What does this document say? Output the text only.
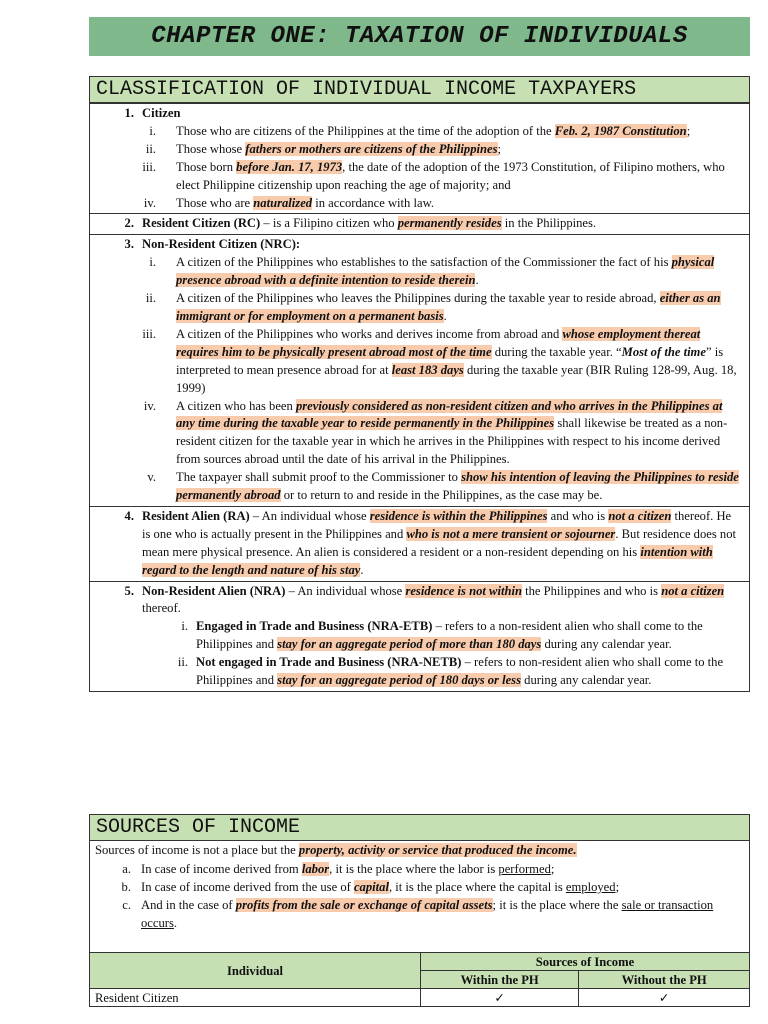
CHAPTER ONE: TAXATION OF INDIVIDUALS
CLASSIFICATION OF INDIVIDUAL INCOME TAXPAYERS
1. Citizen
i.	Those who are citizens of the Philippines at the time of the adoption of the Feb. 2, 1987 Constitution;
ii.	Those whose fathers or mothers are citizens of the Philippines;
iii.	Those born before Jan. 17, 1973, the date of the adoption of the 1973 Constitution, of Filipino mothers, who elect Philippine citizenship upon reaching the age of majority; and
iv.	Those who are naturalized in accordance with law.
2. Resident Citizen (RC) – is a Filipino citizen who permanently resides in the Philippines.
3. Non-Resident Citizen (NRC):
i.	A citizen of the Philippines who establishes to the satisfaction of the Commissioner the fact of his physical presence abroad with a definite intention to reside therein.
ii.	A citizen of the Philippines who leaves the Philippines during the taxable year to reside abroad, either as an immigrant or for employment on a permanent basis.
iii.	A citizen of the Philippines who works and derives income from abroad and whose employment thereat requires him to be physically present abroad most of the time during the taxable year. “Most of the time” is interpreted to mean presence abroad for at least 183 days during the taxable year (BIR Ruling 128-99, Aug. 18, 1999)
iv.	A citizen who has been previously considered as non-resident citizen and who arrives in the Philippines at any time during the taxable year to reside permanently in the Philippines shall likewise be treated as a non-resident citizen for the taxable year in which he arrives in the Philippines with respect to his income derived from sources abroad until the date of his arrival in the Philippines.
v.	The taxpayer shall submit proof to the Commissioner to show his intention of leaving the Philippines to reside permanently abroad or to return to and reside in the Philippines, as the case may be.
4. Resident Alien (RA) – An individual whose residence is within the Philippines and who is not a citizen thereof. He is one who is actually present in the Philippines and who is not a mere transient or sojourner. But residence does not mean mere physical presence. An alien is considered a resident or a non-resident depending on his intention with regard to the length and nature of his stay.
5. Non-Resident Alien (NRA) – An individual whose residence is not within the Philippines and who is not a citizen thereof.
i. Engaged in Trade and Business (NRA-ETB) – refers to a non-resident alien who shall come to the Philippines and stay for an aggregate period of more than 180 days during any calendar year.
ii. Not engaged in Trade and Business (NRA-NETB) – refers to non-resident alien who shall come to the Philippines and stay for an aggregate period of 180 days or less during any calendar year.
SOURCES OF INCOME
Sources of income is not a place but the property, activity or service that produced the income.
a. In case of income derived from labor, it is the place where the labor is performed;
b. In case of income derived from the use of capital, it is the place where the capital is employed;
c. And in the case of profits from the sale or exchange of capital assets; it is the place where the sale or transaction occurs.
Individual	Sources of Income	
	Within the PH	Without the PH
Resident Citizen	✓	✓
